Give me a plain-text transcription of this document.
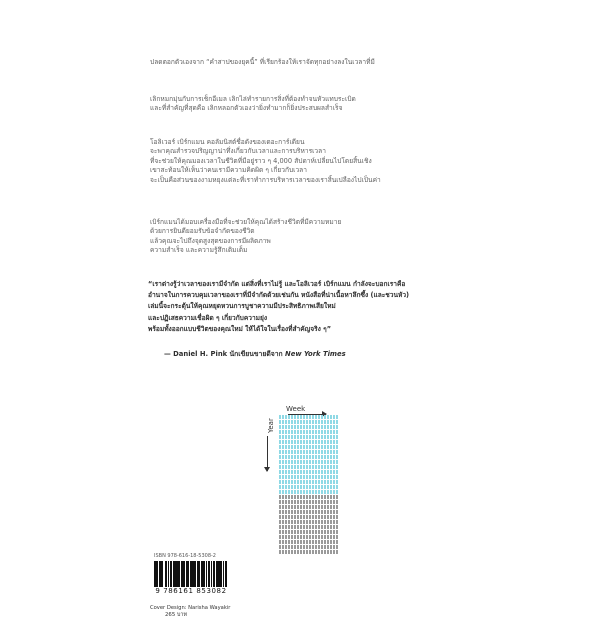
ปลดตอกตัวเองจาก “คำสาปของยุคนี้” ที่เรียกร้องให้เราจัดทุกอย่างลงในเวลาที่มี
เลิกหมกมุ่นกับการเช็กอีเมล เลิกไล่ทำรายการสิ่งที่ต้องทำจนหัวแทบระเบิด
และที่สำคัญที่สุดคือ เลิกหลอกตัวเองว่ายิ่งทำมากก็ยิ่งประสบผลสำเร็จ
โอลิเวอร์ เบิร์กแมน คอลัมนิสต์ชื่อดังของเดอะการ์เดียน
จะพาคุณสำรวจปริญญาน่าทึ่งเกี่ยวกับเวลาและการบริหารเวลา
ที่จะช่วยให้คุณมองเวลาในชีวิตที่มีอยู่ราว ๆ 4,000 สัปดาห์เปลี่ยนไปโดยสิ้นเชิง
เขาสะท้อนให้เห็นว่าคนเรามีความคิดผิด ๆ เกี่ยวกับเวลา
จะเป็นคือส่วนของงามหยุงแต่ละที่เราทำการบริหารเวลาของเราสิ้นเปลืองไปเป็นค่า
เบิร์กแมนได้มอบเครื่องมือที่จะช่วยให้คุณได้สร้างชีวิตที่มีความหมาย
ด้วยการยินดียอมรับข้อจำกัดของชีวิต
แล้วคุณจะไปถึงจุดสูงสุดของการมีผลิตภาพ
ความสำเร็จ และความรู้สึกเติมเต็ม
“เราต่างรู้ว่าเวลาของเรามีจำกัด แต่สิ่งที่เราไม่รู้ และโอลิเวอร์ เบิร์กแมน กำลังจะบอกเราคือ
อำนาจในการควบคุมเวลาของเราที่มีจำกัดด้วยเช่นกัน หนังสือที่น่าเนื้อหาลึกซึ้ง (และชวนหัว)
เล่มนี้จะกระตุ้นให้คุณหยุดหวนการบูชาความมีประสิทธิภาพเสียใหม่
และปฏิเสธความเชื่อผิด ๆ เกี่ยวกับความยุ่ง
พร้อมทั้งออกแบบชีวิตของคุณใหม่ ให้ได้ใจในเรื่องที่สำคัญจริง ๆ”
— Daniel H. Pink นักเขียนขายดีจาก New York Times
Week
Year
ISBN 978-616-18-5308-2
9 786161 853082
Cover Design: Narisha Wayakir
265 บาท
